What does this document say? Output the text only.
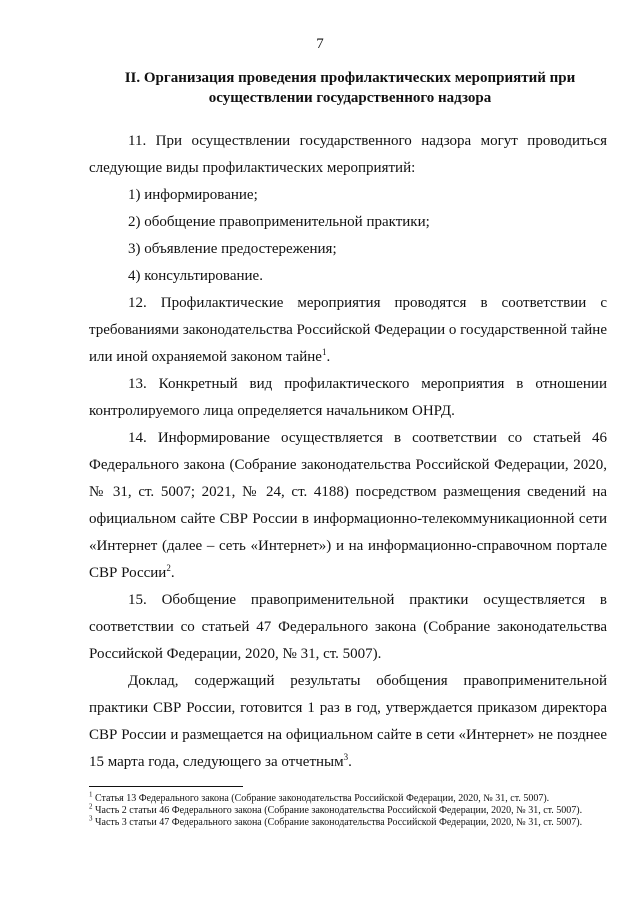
7
II. Организация проведения профилактических мероприятий при
осуществлении государственного надзора

11. При осуществлении государственного надзора могут проводиться следующие виды профилактических мероприятий:

1) информирование;

2) обобщение правоприменительной практики;

3) объявление предостережения;

4) консультирование.

12. Профилактические мероприятия проводятся в соответствии с требованиями законодательства Российской Федерации о государственной тайне или иной охраняемой законом тайне$^1$.

13. Конкретный вид профилактического мероприятия в отношении контролируемого лица определяется начальником ОНРД.

14. Информирование осуществляется в соответствии со статьей 46 Федерального закона (Собрание законодательства Российской Федерации, 2020, № 31, ст. 5007; 2021, № 24, ст. 4188) посредством размещения сведений на официальном сайте СВР России в информационно-телекоммуникационной сети «Интернет (далее – сеть «Интернет») и на информационно-справочном портале СВР России$^2$.

15. Обобщение правоприменительной практики осуществляется в соответствии со статьей 47 Федерального закона (Собрание законодательства Российской Федерации, 2020, № 31, ст. 5007).

Доклад, содержащий результаты обобщения правоприменительной практики СВР России, готовится 1 раз в год, утверждается приказом директора СВР России и размещается на официальном сайте в сети «Интернет» не позднее 15 марта года, следующего за отчетным$^3$.

$^1$ Статья 13 Федерального закона (Собрание законодательства Российской Федерации, 2020, № 31, ст. 5007).

$^2$ Часть 2 статьи 46 Федерального закона (Собрание законодательства Российской Федерации, 2020, № 31, ст. 5007).

$^3$ Часть 3 статьи 47 Федерального закона (Собрание законодательства Российской Федерации, 2020, № 31, ст. 5007).
